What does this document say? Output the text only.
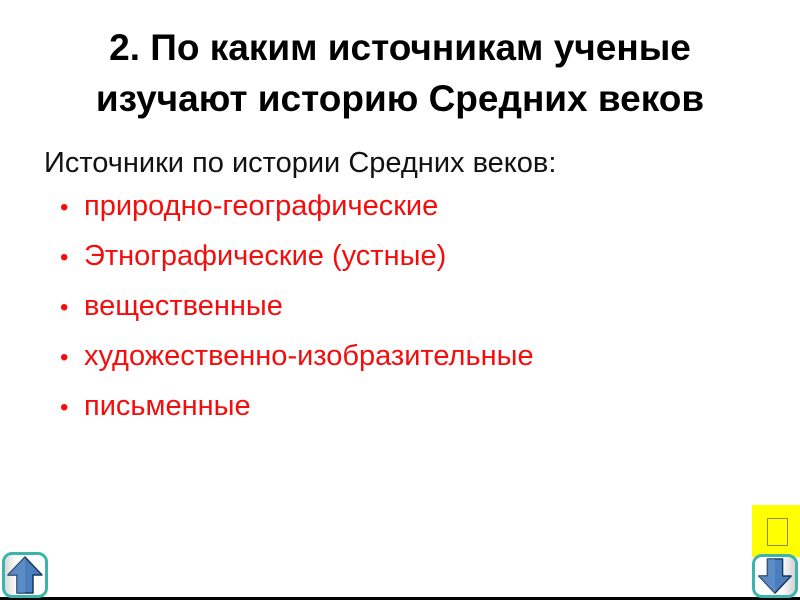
2. По каким источникам ученые
изучают историю Средних веков
Источники по истории Средних веков:
• природно-географические
• Этнографические (устные)
• вещественные
• художественно-изобразительные
• письменные
